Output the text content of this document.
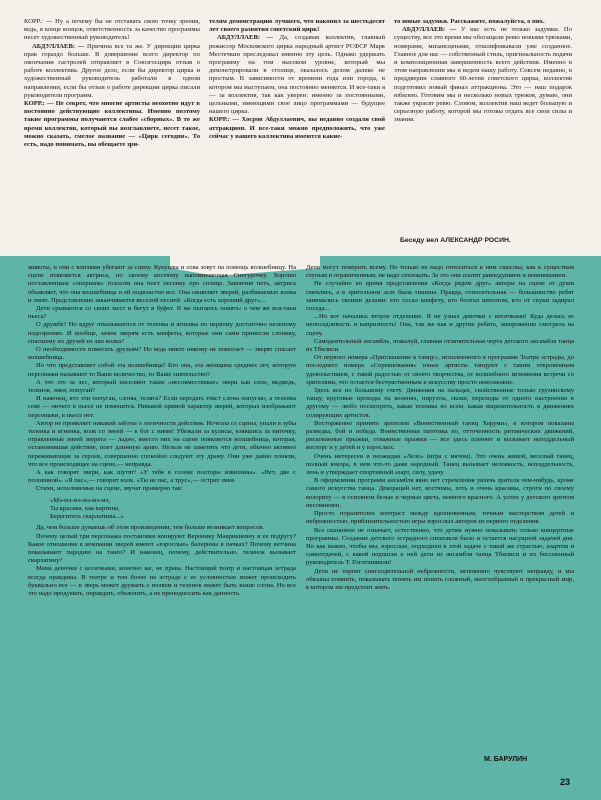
КОРР.: — Ну а почему бы не отставать свою точку зрения, ведь, в конце концов, ответственность за качество программы несет художественный руководитель!

АБДУЛЛАЕВ: — Причина все та же. У дирекции цирка прав гораздо больше. В довершение всего директор по окончании гастролей отправляет в Союзгосцирк отзыв о работе коллектива. Другое дело, если бы директор цирка и художественный руководитель работали в одном направлении, если бы отзыв о работе дирекции цирка писали руководители программ.

КОРР.: — Не секрет, что многие артисты неохотно идут в постоянно действующие коллективы. Именно поэтому такие программы получаются слабее «сборных». В то же время коллектив, который вы возглавляете, несет такое, можно сказать, смелое название — «Цирк сегодня». То есть, надо понимать, вы обещаете зри-

телям демонстрацию лучшего, что накопил за шестьдесят лет своего развития советский цирк!

АБДУЛЛАЕВ: — Да, создавая коллектив, главный режиссер Московского цирка народный артист РСФСР Марк Местечкин преследовал именно эту цель. Однако удержать программу на том высоком уровне, который мы демонстрировали в столице, оказалось делом далеко не простым. В зависимости от времени года или города, в котором мы выступаем, она постоянно меняется. И все-таки я — за коллектив, так как уверен: именно за постоянными, цельными, имеющими свое лицо программами — будущее нашего цирка.

КОРР.: — Хосров Абдуллаевич, вы недавно создали свой аттракцион. И все-таки можно предположить, что уже сейчас у вашего коллектива имеются какие-

то новые задумки. Расскажите, пожалуйста, о них.

АБДУЛЛАЕВ: — У нас есть не только задумки. По существу, все это время мы обогащали ревю новыми трюками, номерами, мизансценами, отшлифовывали уже созданное. Главное для нас — собственный стиль, оригинальность подачи и композиционная завершенность всего действия. Именно в этом направлении мы и ведем нашу работу. Совсем недавно, в преддверии славного 60-летия советского цирка, коллектив подготовил новый финал аттракциона. Это — наш подарок юбилею. Готовим мы и несколько новых трюков, думаю, они также украсят ревю. Словом, коллектив наш ведет большую и серьезную работу, которой мы готовы отдать все свои силы и знания.

Беседу вел АЛЕКСАНДР РОСИН.

животы, и они с воплями убегают за сцену. Кукушка и сова зовут на помощь волшебницу. На сцене появляется актриса, по своему костюму напоминающая Снегурочку. Хорошо поставленным «оперным» голосом она поет песенку про солнце. Закончив петь, актриса объявляет, что она волшебница и ей подвластно все. Она оживляет зверей, разбиваемых волка и змею. Представление заканчивается веселой песней: «Когда есть хороший друг»...

Дети срываются со своих мест и бегут в буфет. Я же пытаюсь понять: о чем же вся-таки пьеса?

О дружбе? Но вдруг отказываются от теленка и ягненка по первому достаточно нелепому подозрению. И вообще, зачем зверям есть конфеты, которые они сами принесли слонику, спасшему их друзей из лап волка?

О необходимости помогать друзьям? Но ведь никто никому не помогает — зверят спасает волшебница.

Но что представляет собой эта волшебница? Кто она, эта женщина средних лет, которую персонажи называют то Ваше величество, то Ваше сиятельство?

А что это за лес, который населяют такие «несовместимые» звери как слон, медведь, теленок, змея, попугай?

И наконец, кто эти попугаи, слоны, телята? Если передать текст слона попугаю, а теленка сове — ничего в пьесе не изменится. Никакой прямой характер зверей, которых изображают персонажи, в пьесе нет.

Автор не проявляет никакой заботы о логичности действия. Исчезла со сцены, упали в зубы теленка и ягненка, волк со змеей — к бог с ними! Убежали за кулисы, взявшись за ниточку, отравленные змеей зверята — ладно, вместо них на сцене появляется волшебница, которая, остановившая действие, поет длинную арию. Нельзя не заметить что дети, обычно активно переживающие за героев, совершенно спокойно следуют эту драму. Они уже давно поняли, что все происходящее на сцене,— неправда.

А как говорят звери, как шутят! «У тебя в голове полторы извилины». «Нет, две с половиной». «Я пас»,— говорит волк. «Ты не пас, а трус»,— острит змея.

Стихи, исполняемые на сцене, звучат примерно так:

«Мэ-мэ-мэ-мэ-мэ-мэ,
Ты красива, как картина,
Берегитесь скарлатины...»

Да, чем больше думаешь об этом произведении, тем больше возникает вопросов.

Почему целый три персонажа постановки копируют Веронику Маврикиевну и ее подругу? Какое отношение к компании зверей имеют «взрослые» балерины в пачках? Почему ветчина показывают пародию на танго? И наконец, почему, действительно, теленок вызывает скарлатину?

Мама девочки с косичками, конечно же, не права. Настоящий театр и настоящая эстрада всегда правдивы. В театре и тем более на эстраде с ее условностью может происходить буквально все — в зверь может дружить с волком и теленок может быть выше слона. Но все это надо продумать, оправдать, объяснить, а не преподносить как данность.

Дети могут поверить всему. Но только не надо относиться к ним свысока, как к существам глупым и ограниченным, не надо сюсюкать. За это они платят равнодушием и невниманием.

Не случайно во время представления «Когда рядом друг» актеры на сцене от души смеялись, а в зрительном зале была тишина. Правда, относительная — большинство ребят занимались своими делами: кто сосал конфету, кто болтал шепотом, кто от скуки задирал соседа...

...Но вот начались второе отделение. Я не узнал девочки с косичками! Куда делась ее непоседливость и капризность! Она, так же как и другие ребята, завороженно смотрела на сцену.

Самодеятельный ансамбль, пожалуй, главная отличительная черта детского ансамбля танца из Тбилиси.

От первого номера «Приглашение к танцу», исполненного в программе Театра эстрады, до последнего номера «Соревнования» юные артисты танцуют с таким откровенным удовольствием, с такой радостью от своего творчества, от волшебного мгновения встречи со зрителями, что остается бесчувственным к искусству просто невозможно.

Здесь все по большому счету. Движения на пальцах, свойственные только грузинскому танцу, круговые проходы на коленях, пируэты, скоки, переходы от одного настроения к другому — любо посмотреть, какая техника во всем, какая выразительность в движениях солирующих артистов.

Восторженно принято зрителем «Воинственный танец Хоруми», в котором показаны разведка, бой и победа. Воинственная патетика по, отточенность ритмических движений, рискованные прыжки, отважные прыжки — все здесь пленяет и вызывает неподдельный восторг и у детей и у взрослых.

Очень интересен и неожидан «Лело» (игра с мячом). Это очень живой, веселый танец, полный юмора, в нем что-то даже народный. Танец вызывает неловкость, неподдельность, лень и утверждает спортивный азарт, силу, удачу.

В оформлении программ ансамбля явно нет стремления увлечь зрителя чем-нибудь, кроме самого искусства танца. Декораций нет, костюмы, хоть и очень красивы, строги по своему колориту — в основном белые и черные цвета, немного красного. А успех у детского зрителя несомненен.

Просто поразителен контраст между вдохновенным, точным мастерством детей и небрежностью, приблизительностью игры взрослых актеров из первого отделения.

Все сказанное не означает, естественно, что детям нужно показывать только концертные программы. Создание детского эстрадного спектакля было и остается насущной задачей дня. Но как важно, чтобы мы, взрослые, подходили к этой задаче с такой же страстью, азартом и самоотдачей, с какой подошли к ней дети из ансамбля танца Тбилиси и их бессменный руководитель Т. Гоготишвили!

Дети не терпят снисходительной небрежности, мгновенно чувствуют неправду, и мы обязаны помнить, показывать понять им понять сложный, многообразный и прекрасный мир, в котором им предстоит жить.

М. БАРУЛИН
23
